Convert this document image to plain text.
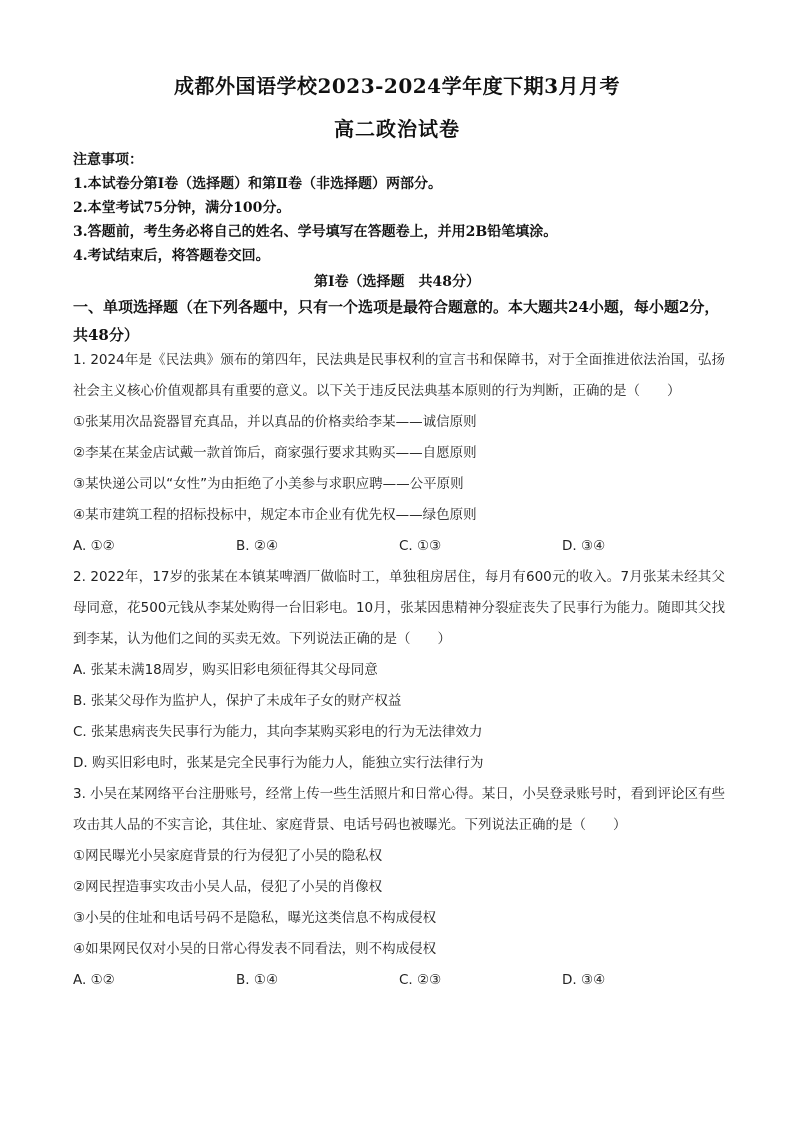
成都外国语学校2023-2024学年度下期3月月考
高二政治试卷
注意事项：
1.本试卷分第Ⅰ卷（选择题）和第Ⅱ卷（非选择题）两部分。
2.本堂考试75分钟，满分100分。
3.答题前，考生务必将自己的姓名、学号填写在答题卷上，并用2B铅笔填涂。
4.考试结束后，将答题卷交回。
第Ⅰ卷（选择题　共48分）
一、单项选择题（在下列各题中，只有一个选项是最符合题意的。本大题共24小题，每小题2分，共48分）
1. 2024年是《民法典》颁布的第四年，民法典是民事权利的宣言书和保障书，对于全面推进依法治国，弘扬社会主义核心价值观都具有重要的意义。以下关于违反民法典基本原则的行为判断，正确的是（　　）
①张某用次品瓷器冒充真品，并以真品的价格卖给李某——诚信原则
②李某在某金店试戴一款首饰后，商家强行要求其购买——自愿原则
③某快递公司以“女性”为由拒绝了小美参与求职应聘——公平原则
④某市建筑工程的招标投标中，规定本市企业有优先权——绿色原则
A. ①②	B. ②④	C. ①③	D. ③④
2. 2022年，17岁的张某在本镇某啤酒厂做临时工，单独租房居住，每月有600元的收入。7月张某未经其父母同意，花500元钱从李某处购得一台旧彩电。10月，张某因患精神分裂症丧失了民事行为能力。随即其父找到李某，认为他们之间的买卖无效。下列说法正确的是（　　）
A. 张某未满18周岁，购买旧彩电须征得其父母同意
B. 张某父母作为监护人，保护了未成年子女的财产权益
C. 张某患病丧失民事行为能力，其向李某购买彩电的行为无法律效力
D. 购买旧彩电时，张某是完全民事行为能力人，能独立实行法律行为
3. 小吴在某网络平台注册账号，经常上传一些生活照片和日常心得。某日，小吴登录账号时，看到评论区有些攻击其人品的不实言论，其住址、家庭背景、电话号码也被曝光。下列说法正确的是（　　）
①网民曝光小吴家庭背景的行为侵犯了小吴的隐私权
②网民捏造事实攻击小吴人品，侵犯了小吴的肖像权
③小吴的住址和电话号码不是隐私，曝光这类信息不构成侵权
④如果网民仅对小吴的日常心得发表不同看法，则不构成侵权
A. ①②	B. ①④	C. ②③	D. ③④
